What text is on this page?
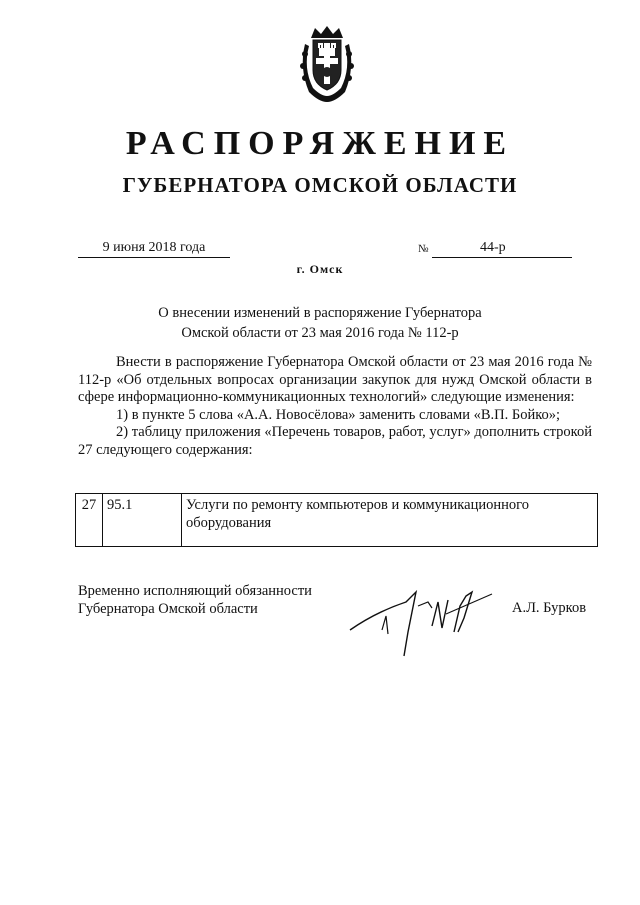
РАСПОРЯЖЕНИЕ
ГУБЕРНАТОРА ОМСКОЙ ОБЛАСТИ
9 июня 2018 года	№	44-р
г. Омск
О внесении изменений в распоряжение Губернатора
Омской области от 23 мая 2016 года № 112-р

Внести в распоряжение Губернатора Омской области от 23 мая 2016 года № 112-р «Об отдельных вопросах организации закупок для нужд Омской области в сфере информационно-коммуникационных технологий» следующие изменения:

1) в пункте 5 слова «А.А. Новосёлова» заменить словами «В.П. Бойко»;

2) таблицу приложения «Перечень товаров, работ, услуг» дополнить строкой 27 следующего содержания:

27	95.1	Услуги по ремонту компьютеров и коммуникационного оборудования
Временно исполняющий обязанности
Губернатора Омской области	А.Л. Бурков
